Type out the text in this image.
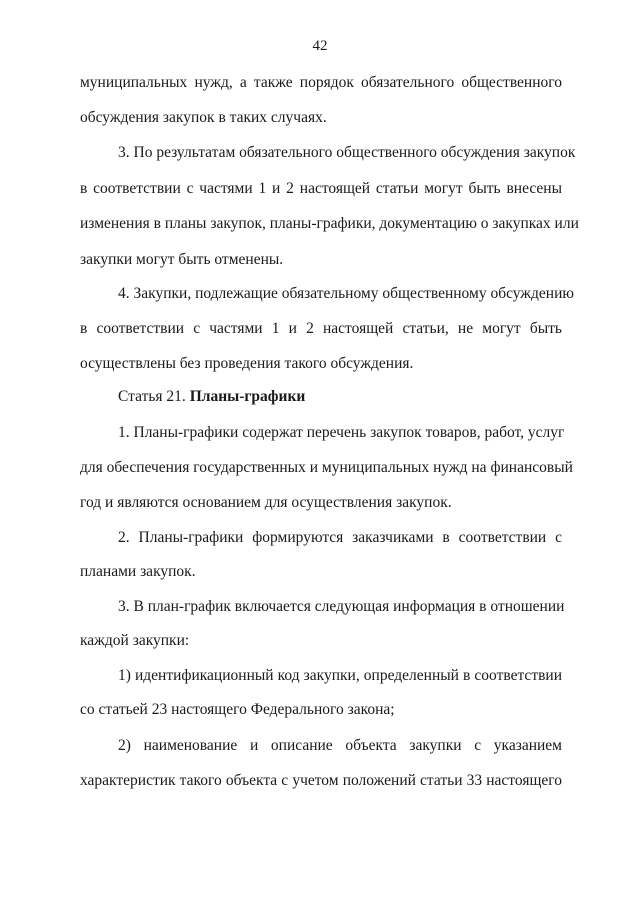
42
муниципальных нужд, а также порядок обязательного общественного
обсуждения закупок в таких случаях.
3. По результатам обязательного общественного обсуждения закупок
в соответствии с частями 1 и 2 настоящей статьи могут быть внесены
изменения в планы закупок, планы-графики, документацию о закупках или
закупки могут быть отменены.
4. Закупки, подлежащие обязательному общественному обсуждению
в соответствии с частями 1 и 2 настоящей статьи, не могут быть
осуществлены без проведения такого обсуждения.
Статья 21. Планы-графики
1. Планы-графики содержат перечень закупок товаров, работ, услуг
для обеспечения государственных и муниципальных нужд на финансовый
год и являются основанием для осуществления закупок.
2. Планы-графики формируются заказчиками в соответствии с
планами закупок.
3. В план-график включается следующая информация в отношении
каждой закупки:
1) идентификационный код закупки, определенный в соответствии
со статьей 23 настоящего Федерального закона;
2) наименование и описание объекта закупки с указанием
характеристик такого объекта с учетом положений статьи 33 настоящего
